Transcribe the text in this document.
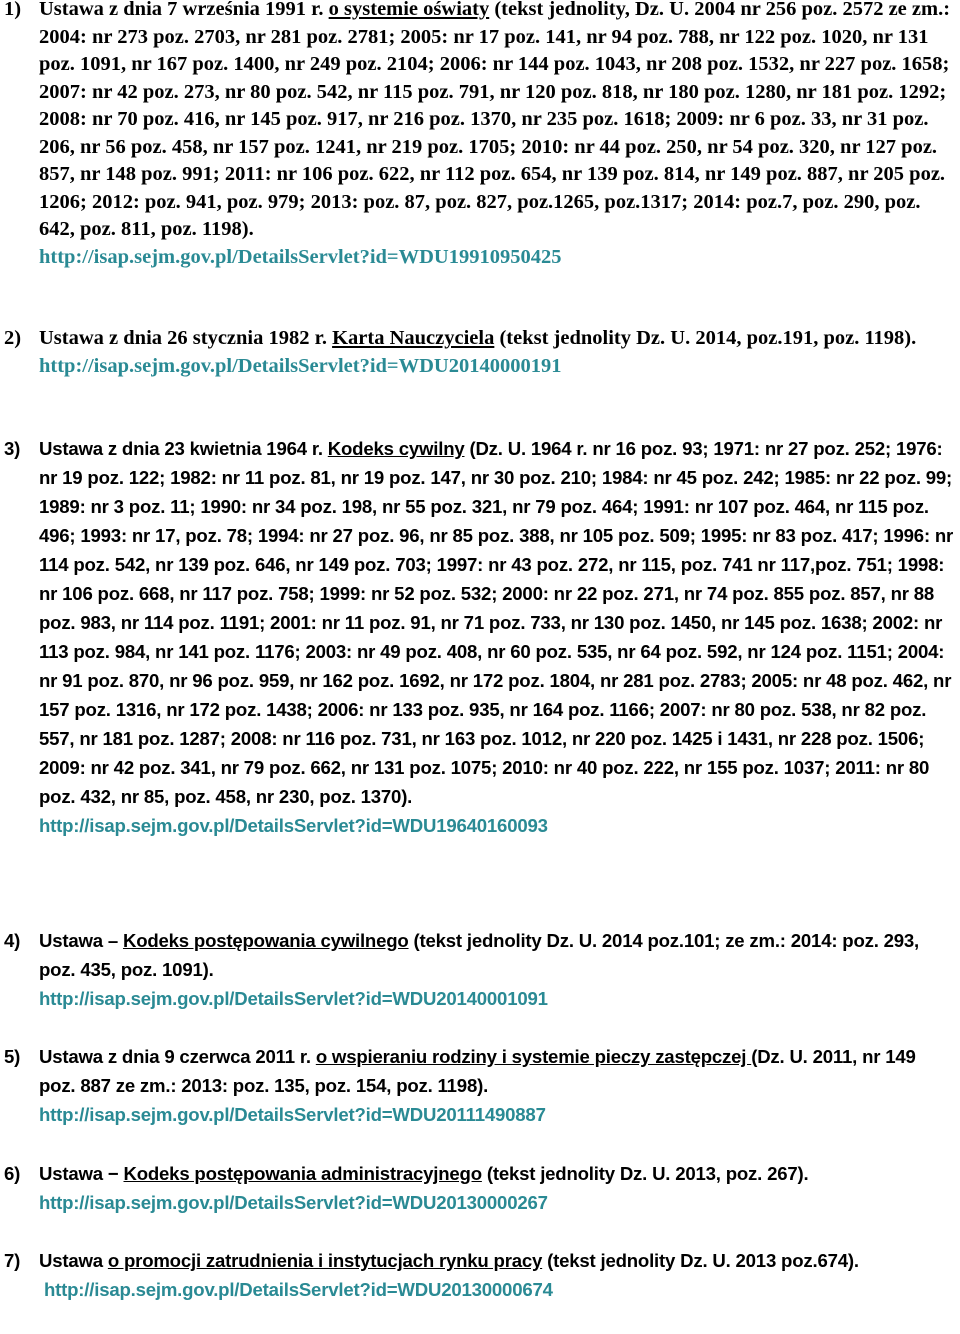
1) Ustawa z dnia 7 września 1991 r. o systemie oświaty (tekst jednolity, Dz. U. 2004 nr 256 poz. 2572 ze zm.: 2004: nr 273 poz. 2703, nr 281 poz. 2781; 2005: nr 17 poz. 141, nr 94 poz. 788, nr 122 poz. 1020, nr 131 poz. 1091, nr 167 poz. 1400, nr 249 poz. 2104; 2006: nr 144 poz. 1043, nr 208 poz. 1532, nr 227 poz. 1658; 2007: nr 42 poz. 273, nr 80 poz. 542, nr 115 poz. 791, nr 120 poz. 818, nr 180 poz. 1280, nr 181 poz. 1292; 2008: nr 70 poz. 416, nr 145 poz. 917, nr 216 poz. 1370, nr 235 poz. 1618; 2009: nr 6 poz. 33, nr 31 poz. 206, nr 56 poz. 458, nr 157 poz. 1241, nr 219 poz. 1705; 2010: nr 44 poz. 250, nr 54 poz. 320, nr 127 poz. 857, nr 148 poz. 991; 2011: nr 106 poz. 622, nr 112 poz. 654, nr 139 poz. 814, nr 149 poz. 887, nr 205 poz. 1206; 2012: poz. 941, poz. 979; 2013: poz. 87, poz. 827, poz.1265, poz.1317; 2014: poz.7, poz. 290, poz. 642, poz. 811, poz. 1198).
http://isap.sejm.gov.pl/DetailsServlet?id=WDU19910950425
2) Ustawa z dnia 26 stycznia 1982 r. Karta Nauczyciela (tekst jednolity Dz. U. 2014, poz.191, poz. 1198).
http://isap.sejm.gov.pl/DetailsServlet?id=WDU20140000191
3) Ustawa z dnia 23 kwietnia 1964 r. Kodeks cywilny (Dz. U. 1964 r. nr 16 poz. 93; 1971: nr 27 poz. 252; 1976: nr 19 poz. 122; 1982: nr 11 poz. 81, nr 19 poz. 147, nr 30 poz. 210; 1984: nr 45 poz. 242; 1985: nr 22 poz. 99; 1989: nr 3 poz. 11; 1990: nr 34 poz. 198, nr 55 poz. 321, nr 79 poz. 464; 1991: nr 107 poz. 464, nr 115 poz. 496; 1993: nr 17, poz. 78; 1994: nr 27 poz. 96, nr 85 poz. 388, nr 105 poz. 509; 1995: nr 83 poz. 417; 1996: nr 114 poz. 542, nr 139 poz. 646, nr 149 poz. 703; 1997: nr 43 poz. 272, nr 115, poz. 741 nr 117,poz. 751; 1998: nr 106 poz. 668, nr 117 poz. 758; 1999: nr 52 poz. 532; 2000: nr 22 poz. 271, nr 74 poz. 855 poz. 857, nr 88 poz. 983, nr 114 poz. 1191; 2001: nr 11 poz. 91, nr 71 poz. 733, nr 130 poz. 1450, nr 145 poz. 1638; 2002: nr 113 poz. 984, nr 141 poz. 1176; 2003: nr 49 poz. 408, nr 60 poz. 535, nr 64 poz. 592, nr 124 poz. 1151; 2004: nr 91 poz. 870, nr 96 poz. 959, nr 162 poz. 1692, nr 172 poz. 1804, nr 281 poz. 2783; 2005: nr 48 poz. 462, nr 157 poz. 1316, nr 172 poz. 1438; 2006: nr 133 poz. 935, nr 164 poz. 1166; 2007: nr 80 poz. 538, nr 82 poz. 557, nr 181 poz. 1287; 2008: nr 116 poz. 731, nr 163 poz. 1012, nr 220 poz. 1425 i 1431, nr 228 poz. 1506; 2009: nr 42 poz. 341, nr 79 poz. 662, nr 131 poz. 1075; 2010: nr 40 poz. 222, nr 155 poz. 1037; 2011: nr 80 poz. 432, nr 85, poz. 458, nr 230, poz. 1370).
http://isap.sejm.gov.pl/DetailsServlet?id=WDU19640160093
4) Ustawa – Kodeks postępowania cywilnego (tekst jednolity Dz. U. 2014 poz.101; ze zm.: 2014: poz. 293, poz. 435, poz. 1091).
http://isap.sejm.gov.pl/DetailsServlet?id=WDU20140001091
5) Ustawa z dnia 9 czerwca 2011 r. o wspieraniu rodziny i systemie pieczy zastępczej (Dz. U. 2011, nr 149 poz. 887 ze zm.: 2013: poz. 135, poz. 154, poz. 1198).
http://isap.sejm.gov.pl/DetailsServlet?id=WDU20111490887
6) Ustawa − Kodeks postępowania administracyjnego (tekst jednolity Dz. U. 2013, poz. 267).
http://isap.sejm.gov.pl/DetailsServlet?id=WDU20130000267
7) Ustawa o promocji zatrudnienia i instytucjach rynku pracy (tekst jednolity Dz. U. 2013 poz.674).
http://isap.sejm.gov.pl/DetailsServlet?id=WDU20130000674
